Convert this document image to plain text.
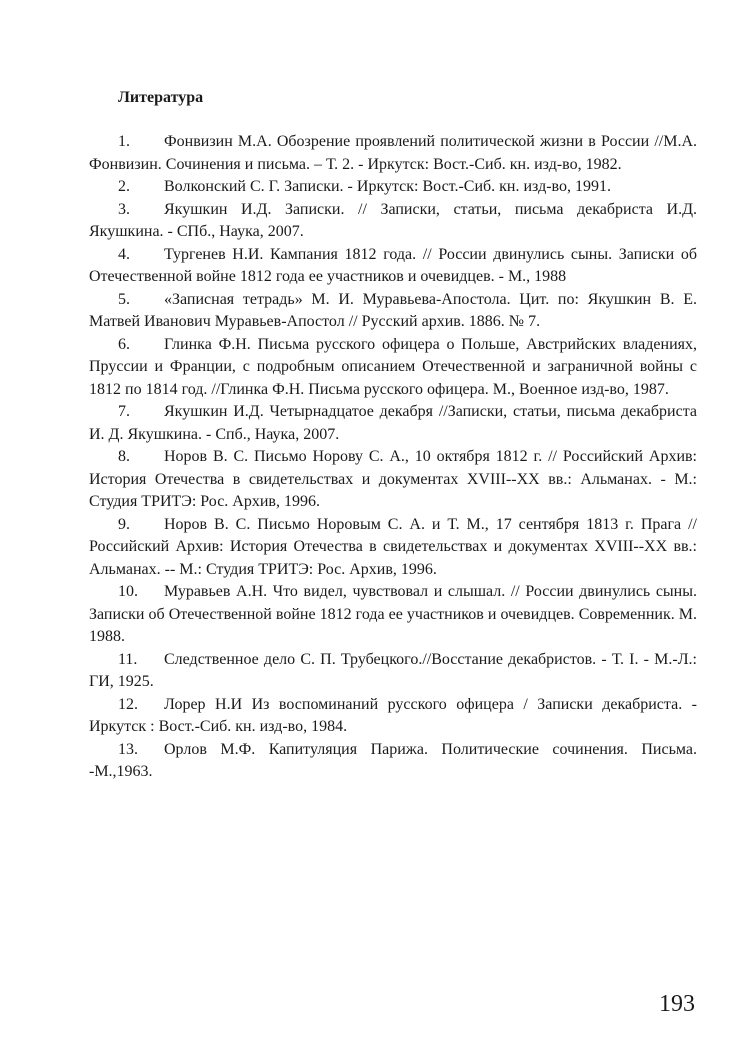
Литература
1. Фонвизин М.А. Обозрение проявлений политической жизни в России //М.А. Фонвизин. Сочинения и письма. – Т. 2. - Иркутск: Вост.-Сиб. кн. изд-во, 1982.
2. Волконский С. Г. Записки. - Иркутск: Вост.-Сиб. кн. изд-во, 1991.
3. Якушкин И.Д. Записки. // Записки, статьи, письма декабриста И.Д. Якушкина. - СПб., Наука, 2007.
4. Тургенев Н.И. Кампания 1812 года. // России двинулись сыны. Записки об Отечественной войне 1812 года ее участников и очевидцев. - М., 1988
5. «Записная тетрадь» М. И. Муравьева-Апостола. Цит. по: Якушкин В. Е. Матвей Иванович Муравьев-Апостол // Русский архив. 1886. № 7.
6. Глинка Ф.Н. Письма русского офицера о Польше, Австрийских владениях, Пруссии и Франции, с подробным описанием Отечественной и заграничной войны с 1812 по 1814 год. //Глинка Ф.Н. Письма русского офицера. М., Военное изд-во, 1987.
7. Якушкин И.Д. Четырнадцатое декабря //Записки, статьи, письма декабриста И. Д. Якушкина. - Спб., Наука, 2007.
8. Норов В. С. Письмо Норову С. А., 10 октября 1812 г. // Российский Архив: История Отечества в свидетельствах и документах XVIII--XX вв.: Альманах. - М.: Студия ТРИТЭ: Рос. Архив, 1996.
9. Норов В. С. Письмо Норовым С. А. и Т. М., 17 сентября 1813 г. Прага // Российский Архив: История Отечества в свидетельствах и документах XVIII--XX вв.: Альманах. -- М.: Студия ТРИТЭ: Рос. Архив, 1996.
10. Муравьев А.Н. Что видел, чувствовал и слышал. // России двинулись сыны. Записки об Отечественной войне 1812 года ее участников и очевидцев. Современник. М. 1988.
11. Следственное дело С. П. Трубецкого.//Восстание декабристов. - Т. I. - М.-Л.: ГИ, 1925.
12. Лорер Н.И Из воспоминаний русского офицера / Записки декабриста. - Иркутск : Вост.-Сиб. кн. изд-во, 1984.
13. Орлов М.Ф. Капитуляция Парижа. Политические сочинения. Письма. -М.,1963.
193
